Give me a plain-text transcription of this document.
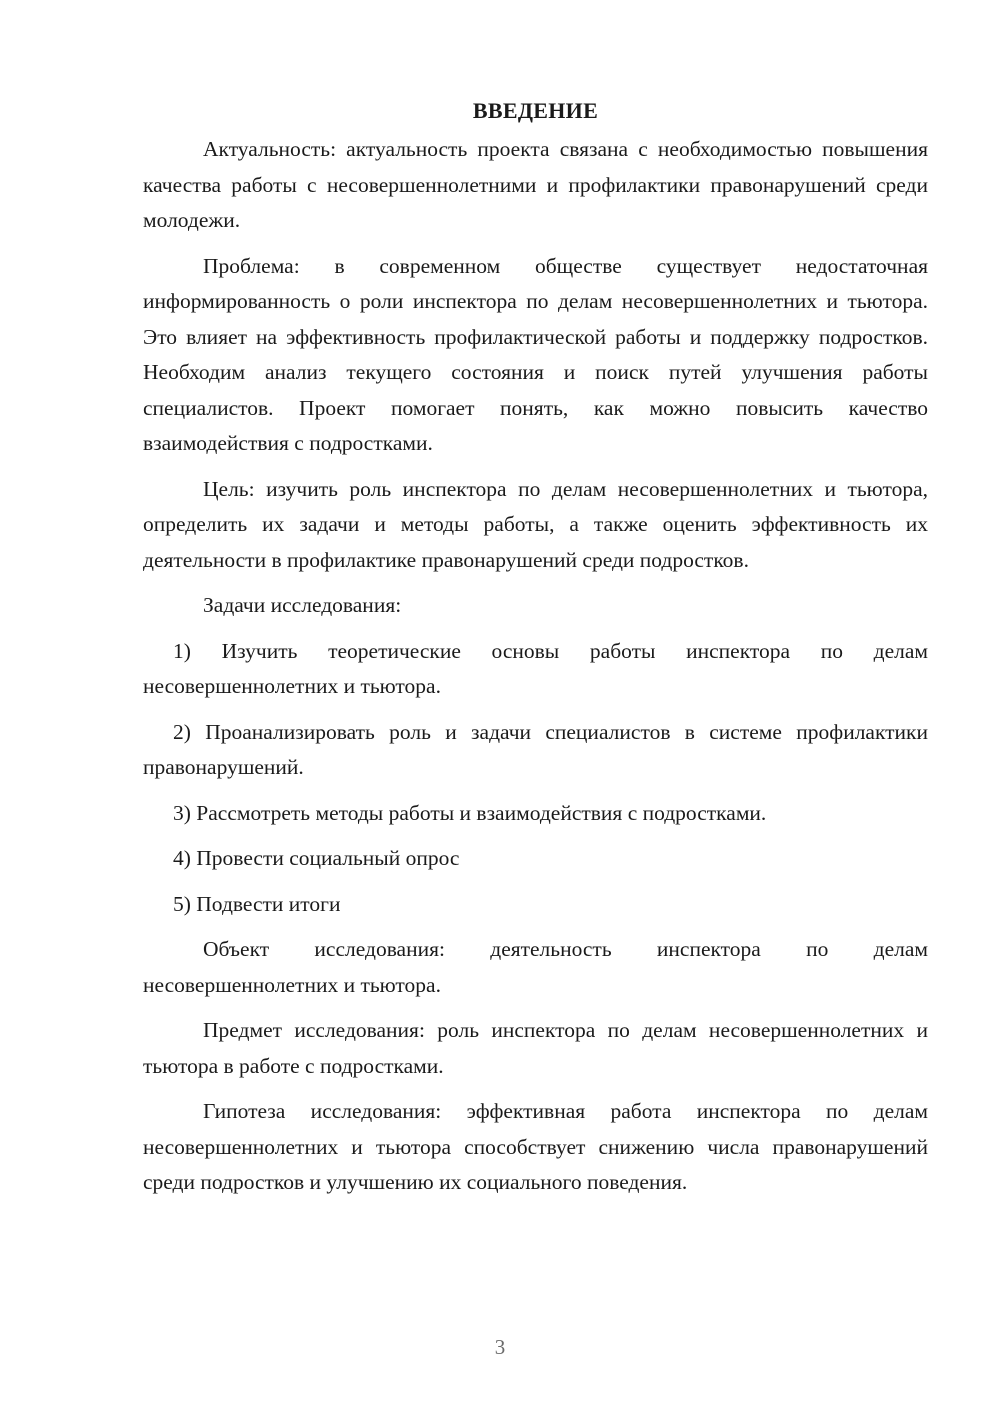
ВВЕДЕНИЕ

Актуальность: актуальность проекта связана с необходимостью повышения качества работы с несовершеннолетними и профилактики правонарушений среди молодежи.

Проблема: в современном обществе существует недостаточная информированность о роли инспектора по делам несовершеннолетних и тьютора. Это влияет на эффективность профилактической работы и поддержку подростков. Необходим анализ текущего состояния и поиск путей улучшения работы специалистов. Проект помогает понять, как можно повысить качество взаимодействия с подростками.

Цель: изучить роль инспектора по делам несовершеннолетних и тьютора, определить их задачи и методы работы, а также оценить эффективность их деятельности в профилактике правонарушений среди подростков.

Задачи исследования:

1) Изучить теоретические основы работы инспектора по делам несовершеннолетних и тьютора.

2) Проанализировать роль и задачи специалистов в системе профилактики правонарушений.

3) Рассмотреть методы работы и взаимодействия с подростками.

4) Провести социальный опрос

5) Подвести итоги

Объект исследования: деятельность инспектора по делам несовершеннолетних и тьютора.

Предмет исследования: роль инспектора по делам несовершеннолетних и тьютора в работе с подростками.

Гипотеза исследования: эффективная работа инспектора по делам несовершеннолетних и тьютора способствует снижению числа правонарушений среди подростков и улучшению их социального поведения.

3
